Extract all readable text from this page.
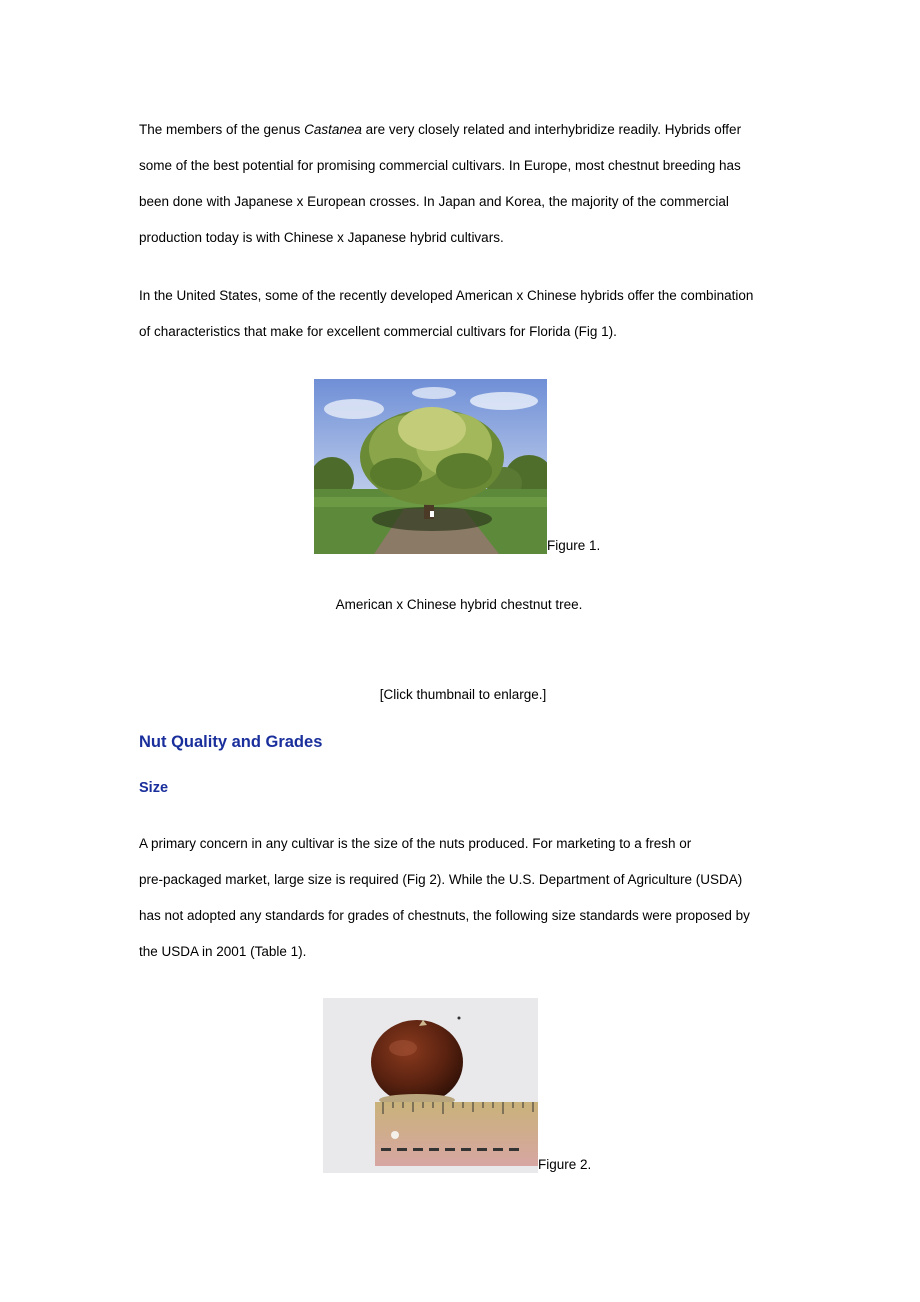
The members of the genus Castanea are very closely related and interhybridize readily. Hybrids offer
some of the best potential for promising commercial cultivars. In Europe, most chestnut breeding has
been done with Japanese x European crosses. In Japan and Korea, the majority of the commercial
production today is with Chinese x Japanese hybrid cultivars.

In the United States, some of the recently developed American x Chinese hybrids offer the combination
of characteristics that make for excellent commercial cultivars for Florida (Fig 1).

Figure 1.
American x Chinese hybrid chestnut tree.
[Click thumbnail to enlarge.]
Nut Quality and Grades
Size

A primary concern in any cultivar is the size of the nuts produced. For marketing to a fresh or
pre-packaged market, large size is required (Fig 2). While the U.S. Department of Agriculture (USDA)
has not adopted any standards for grades of chestnuts, the following size standards were proposed by
the USDA in 2001 (Table 1).

Figure 2.
